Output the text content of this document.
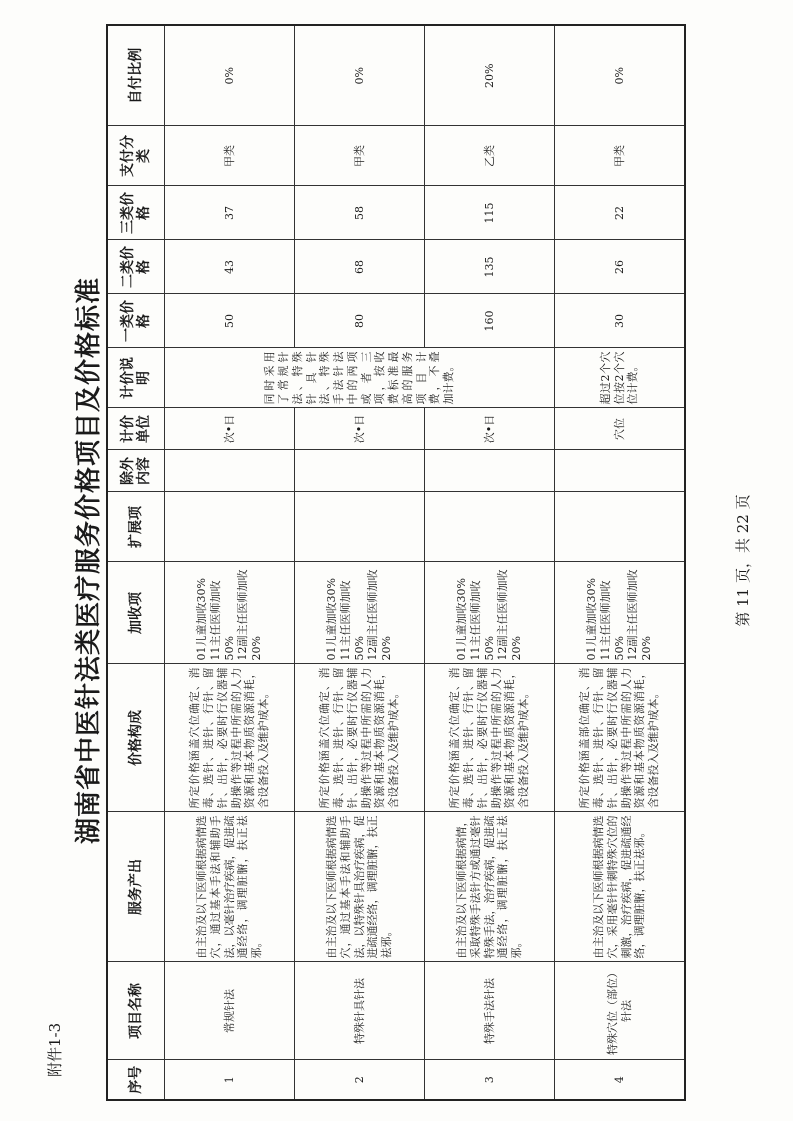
附件1-3
湖南省中医针法类医疗服务价格项目及价格标准
序号	项目名称	服务产出	价格构成	加收项	扩展项	除外内容	计价单位	计价说明	一类价格	二类价格	三类价格	支付分类	自付比例
1	常规针法	由主治及以下医师根据病情选穴，通过基本手法和辅助手法，以毫针治疗疾病，促进疏通经络，调理脏腑，扶正祛邪。	所定价格涵盖穴位确定、消毒、选针、进针、行针、留针、出针，必要时行仪器辅助操作等过程中所需的人力资源和基本物质资源消耗，含设备投入及维护成本。	01儿童加收30%
11主任医师加收50%
12副主任医师加收20%			次•日	同时采用了常规针法、特殊针具针法、特殊手法针法中的两项或者三项，按收费标准最高的服务项目计费，不叠加计费。	50	43	37	甲类	0%
2	特殊针具针法	由主治及以下医师根据病情选穴，通过基本手法和辅助手法，以特殊针具治疗疾病，促进疏通经络，调理脏腑，扶正祛邪。	所定价格涵盖穴位确定、消毒、选针、进针、行针、留针、出针，必要时行仪器辅助操作等过程中所需的人力资源和基本物质资源消耗，含设备投入及维护成本。	01儿童加收30%
11主任医师加收50%
12副主任医师加收20%			次•日		80	68	58	甲类	0%
3	特殊手法针法	由主治及以下医师根据病情，采取特殊手法针方或通过毫针特殊手法，治疗疾病，促进疏通经络，调理脏腑，扶正祛邪。	所定价格涵盖穴位确定、消毒、选针、进针、行针、留针、出针，必要时行仪器辅助操作等过程中所需的人力资源和基本物质资源消耗，含设备投入及维护成本。	01儿童加收30%
11主任医师加收50%
12副主任医师加收20%			次•日		160	135	115	乙类	20%
4	特殊穴位（部位）针法	由主治及以下医师根据病情选穴，采用毫针针刺特殊穴位的刺激，治疗疾病，促进疏通经络，调理脏腑，扶正祛邪。	所定价格涵盖部位确定、消毒、选针、进针、行针、留针、出针，必要时行仪器辅助操作等过程中所需的人力资源和基本物质资源消耗，含设备投入及维护成本。	01儿童加收30%
11主任医师加收50%
12副主任医师加收20%			穴位	超过2个穴位按2个穴位计费。	30	26	22	甲类	0%
第 11 页，共 22 页
